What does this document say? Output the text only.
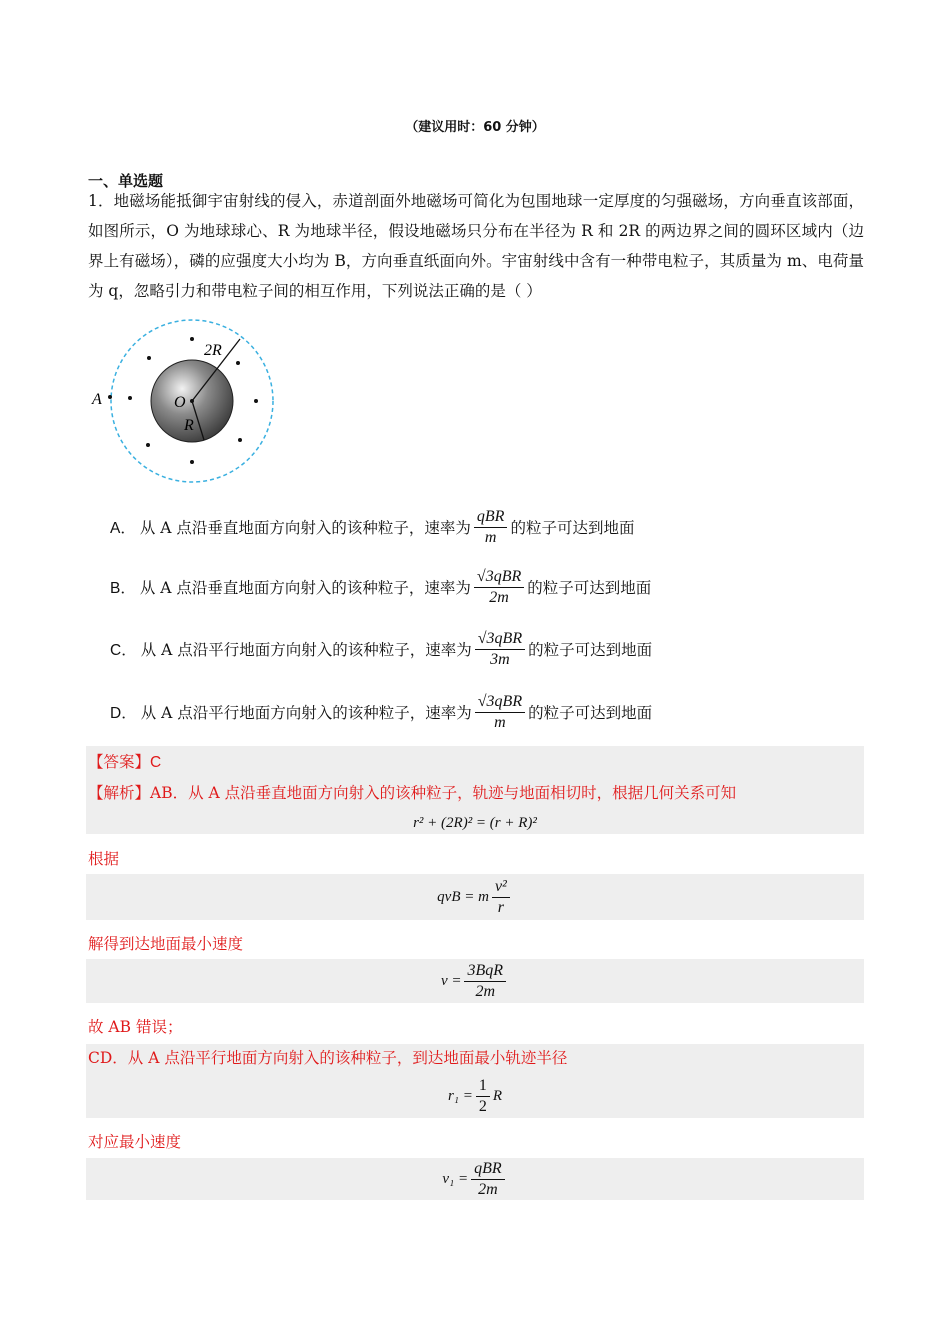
（建议用时：60 分钟）
一、单选题
1．地磁场能抵御宇宙射线的侵入，赤道剖面外地磁场可简化为包围地球一定厚度的匀强磁场，方向垂直该部面，如图所示，O 为地球球心、R 为地球半径，假设地磁场只分布在半径为 R 和 2R 的两边界之间的圆环区域内（边界上有磁场），磷的应强度大小均为 B，方向垂直纸面向外。宇宙射线中含有一种带电粒子，其质量为 m、电荷量为 q，忽略引力和带电粒子间的相互作用，下列说法正确的是（ ）
2R
O
R
A
A． 从 A 点沿垂直地面方向射入的该种粒子，速率为 $\frac{\text{qBR}}{m}$ 的粒子可达到地面
B． 从 A 点沿垂直地面方向射入的该种粒子，速率为 $\frac{\text{√3qBR}}{2m}$ 的粒子可达到地面
C． 从 A 点沿平行地面方向射入的该种粒子，速率为 $\frac{\text{√3qBR}}{3m}$ 的粒子可达到地面
D． 从 A 点沿平行地面方向射入的该种粒子，速率为 $\frac{\text{√3qBR}}{m}$ 的粒子可达到地面
【答案】C
【解析】AB．从 A 点沿垂直地面方向射入的该种粒子，轨迹与地面相切时，根据几何关系可知
r² + (2R)² = (r + R)²
根据
qvB = m $\frac{\text{v²}}{r}$
解得到达地面最小速度
$v = \frac{\text{3BqR}}{2m}$
故 AB 错误；
CD．从 A 点沿平行地面方向射入的该种粒子，到达地面最小轨迹半径
$r_1 = \frac{1}{2}$ R
对应最小速度
$v_1 = \frac{\text{qBR}}{2m}$
